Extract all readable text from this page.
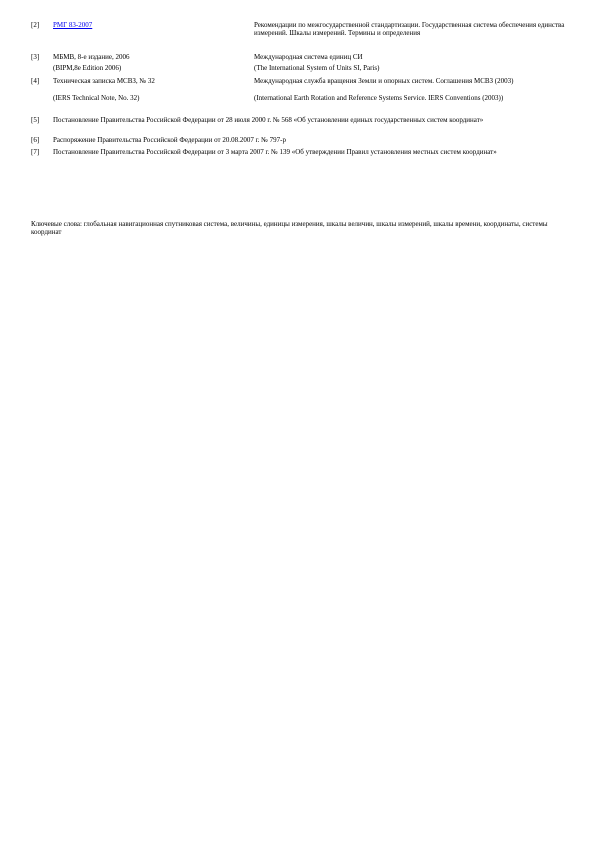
[2]	РМГ 83-2007	Рекомендации по межгосударственной стандартизации. Государственная система обеспечения единства измерений. Шкалы измерений. Термины и определения
[3]	МБМВ, 8-е издание, 2006	Международная система единиц СИ
(BIPM,8e Edition 2006)	(The International System of Units SI, Paris)
[4]	Техническая записка МСВЗ, № 32	Международная служба вращения Земли и опорных систем. Соглашения МСВЗ (2003)
(IERS Technical Note, No. 32)	(International Earth Rotation and Reference Systems Service. IERS Conventions (2003))
[5]	Постановление Правительства Российской Федерации от 28 июля 2000 г. № 568 «Об установлении единых государственных систем координат»
[6]	Распоряжение Правительства Российской Федерации от 20.08.2007 г. № 797-р
[7]	Постановление Правительства Российской Федерации от 3 марта 2007 г. № 139 «Об утверждении Правил установления местных систем координат»
Ключевые слова: глобальная навигационная спутниковая система, величины, единицы измерения, шкалы величин, шкалы измерений, шкалы времени, координаты, системы координат
